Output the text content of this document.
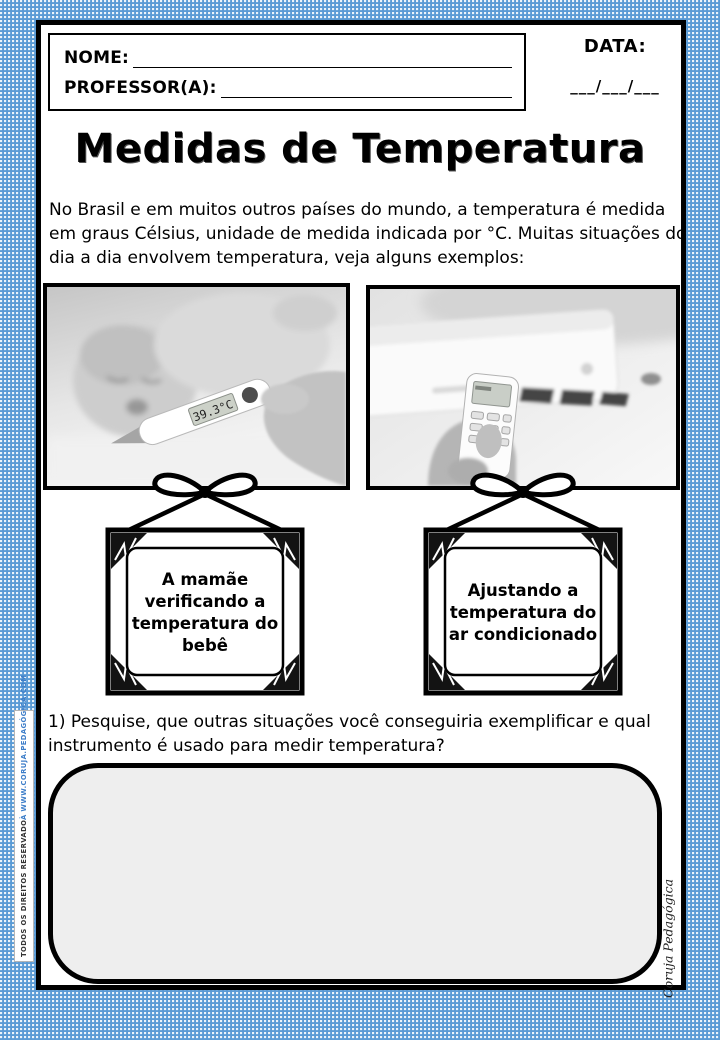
NOME:
PROFESSOR(A):
DATA:
___/___/___
Medidas de Temperatura
No Brasil e em muitos outros países do mundo, a temperatura é medida em graus Célsius, unidade de medida indicada por °C. Muitas situações do dia a dia envolvem temperatura, veja alguns exemplos:
39.3°C
A mamãe verificando a temperatura do bebê
Ajustando a temperatura do ar condicionado
1) Pesquise, que outras situações você conseguiria exemplificar e qual instrumento é usado para medir temperatura?
TODOS OS DIREITOS RESERVADO
À WWW.CORUJA.PEDAGÓGICA.COM
Coruja Pedagógica
